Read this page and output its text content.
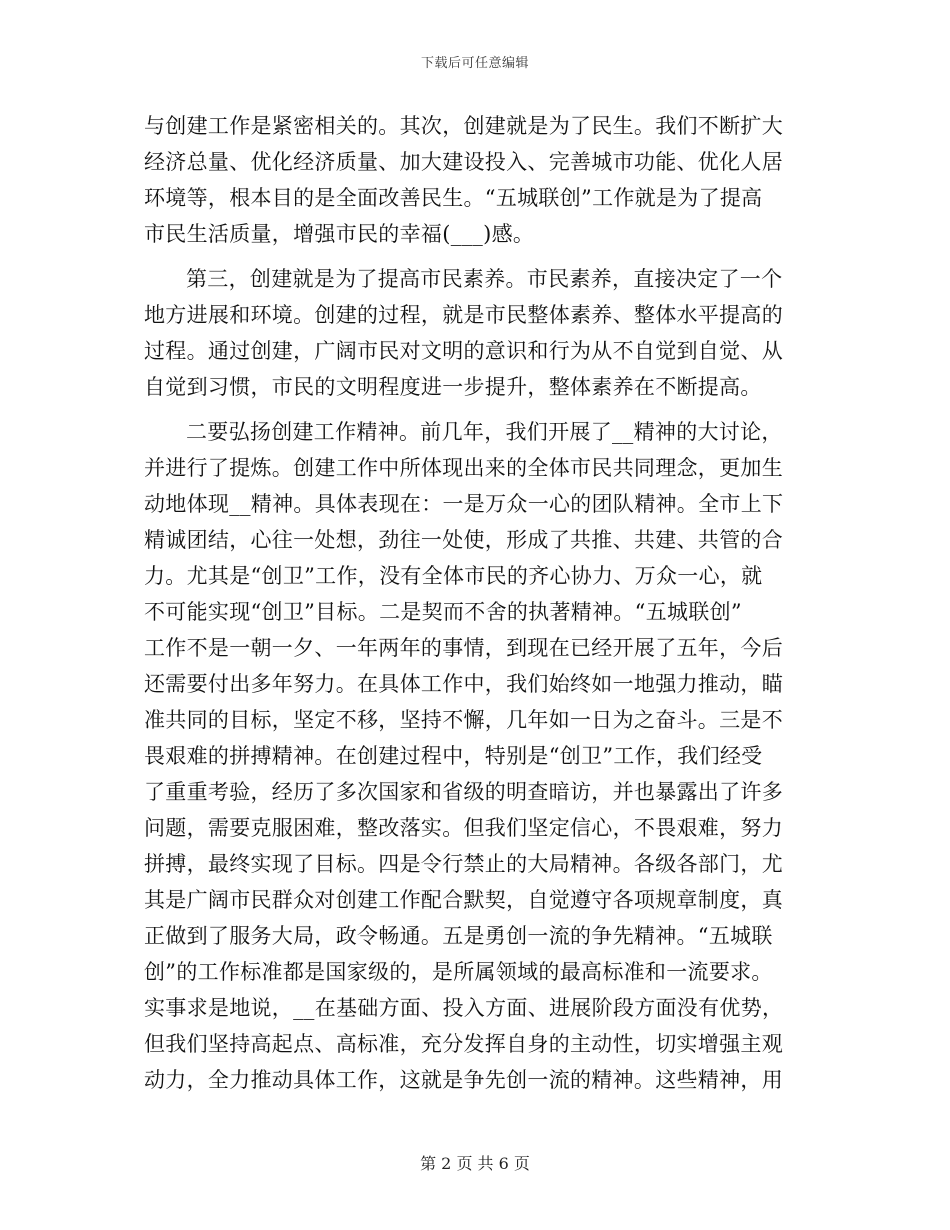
下载后可任意编辑
与创建工作是紧密相关的。其次，创建就是为了民生。我们不断扩大
经济总量、优化经济质量、加大建设投入、完善城市功能、优化人居
环境等，根本目的是全面改善民生。“五城联创”工作就是为了提高
市民生活质量，增强市民的幸福(___)感。
第三，创建就是为了提高市民素养。市民素养，直接决定了一个
地方进展和环境。创建的过程，就是市民整体素养、整体水平提高的
过程。通过创建，广阔市民对文明的意识和行为从不自觉到自觉、从
自觉到习惯，市民的文明程度进一步提升，整体素养在不断提高。
二要弘扬创建工作精神。前几年，我们开展了__精神的大讨论，
并进行了提炼。创建工作中所体现出来的全体市民共同理念，更加生
动地体现__精神。具体表现在：一是万众一心的团队精神。全市上下
精诚团结，心往一处想，劲往一处使，形成了共推、共建、共管的合
力。尤其是“创卫”工作，没有全体市民的齐心协力、万众一心，就
不可能实现“创卫”目标。二是契而不舍的执著精神。“五城联创”
工作不是一朝一夕、一年两年的事情，到现在已经开展了五年，今后
还需要付出多年努力。在具体工作中，我们始终如一地强力推动，瞄
准共同的目标，坚定不移，坚持不懈，几年如一日为之奋斗。三是不
畏艰难的拼搏精神。在创建过程中，特别是“创卫”工作，我们经受
了重重考验，经历了多次国家和省级的明查暗访，并也暴露出了许多
问题，需要克服困难，整改落实。但我们坚定信心，不畏艰难，努力
拼搏，最终实现了目标。四是令行禁止的大局精神。各级各部门，尤
其是广阔市民群众对创建工作配合默契，自觉遵守各项规章制度，真
正做到了服务大局，政令畅通。五是勇创一流的争先精神。“五城联
创”的工作标准都是国家级的，是所属领域的最高标准和一流要求。
实事求是地说，__在基础方面、投入方面、进展阶段方面没有优势，
但我们坚持高起点、高标准，充分发挥自身的主动性，切实增强主观
动力，全力推动具体工作，这就是争先创一流的精神。这些精神，用
第 2 页 共 6 页
